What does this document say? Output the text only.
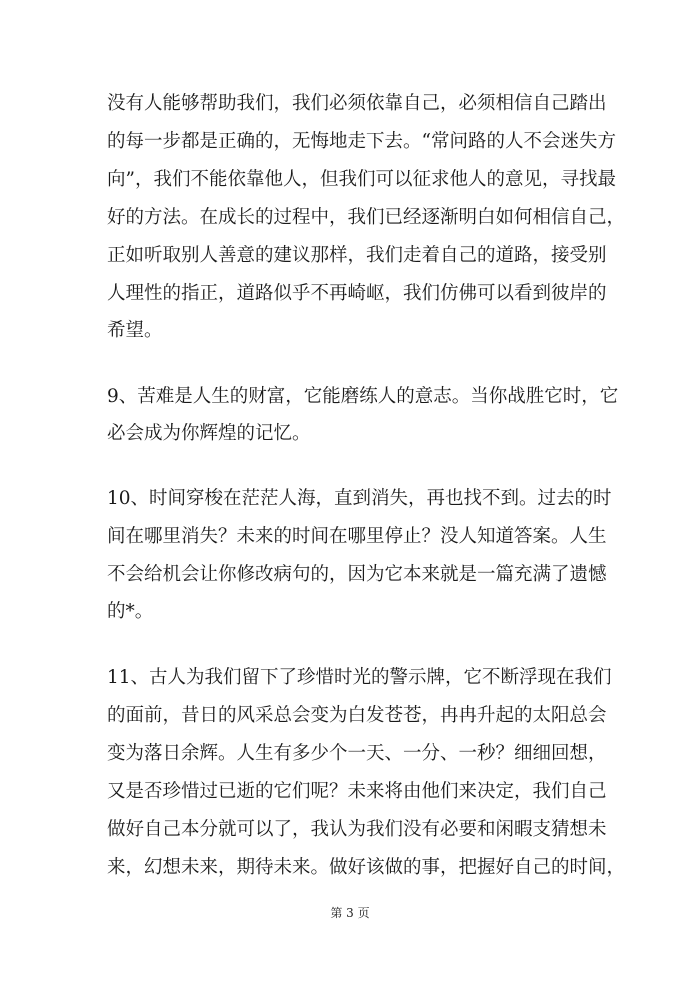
没有人能够帮助我们，我们必须依靠自己，必须相信自己踏出
的每一步都是正确的，无悔地走下去。“常问路的人不会迷失方
向”，我们不能依靠他人，但我们可以征求他人的意见，寻找最
好的方法。在成长的过程中，我们已经逐渐明白如何相信自己，
正如听取别人善意的建议那样，我们走着自己的道路，接受别
人理性的指正，道路似乎不再崎岖，我们仿佛可以看到彼岸的
希望。
9、苦难是人生的财富，它能磨练人的意志。当你战胜它时，它
必会成为你辉煌的记忆。
10、时间穿梭在茫茫人海，直到消失，再也找不到。过去的时
间在哪里消失？未来的时间在哪里停止？没人知道答案。人生
不会给机会让你修改病句的，因为它本来就是一篇充满了遗憾
的*。
11、古人为我们留下了珍惜时光的警示牌，它不断浮现在我们
的面前，昔日的风采总会变为白发苍苍，冉冉升起的太阳总会
变为落日余辉。人生有多少个一天、一分、一秒？细细回想，
又是否珍惜过已逝的它们呢？未来将由他们来决定，我们自己
做好自己本分就可以了，我认为我们没有必要和闲暇支猜想未
来，幻想未来，期待未来。做好该做的事，把握好自己的时间，
第 3 页
